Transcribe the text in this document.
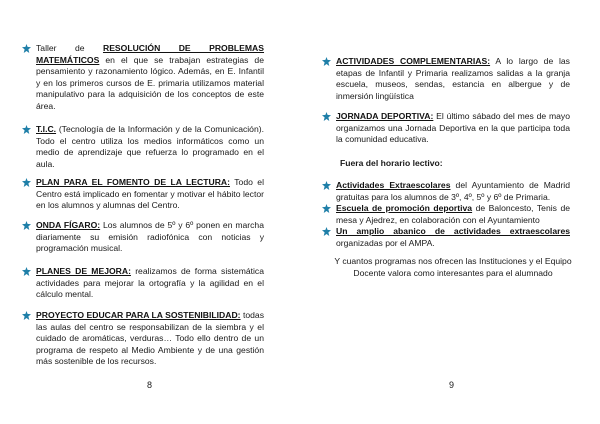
Taller de RESOLUCIÓN DE PROBLEMAS MATEMÁTICOS en el que se trabajan estrategias de pensamiento y razonamiento lógico. Además, en E. Infantil y en los primeros cursos de E. primaria utilizamos material manipulativo para la adquisición de los conceptos de este área.

T.I.C. (Tecnología de la Información y de la Comunicación). Todo el centro utiliza los medios informáticos como un medio de aprendizaje que refuerza lo programado en el aula.

PLAN PARA EL FOMENTO DE LA LECTURA: Todo el Centro está implicado en fomentar y motivar el hábito lector en los alumnos y alumnas del Centro.

ONDA FÍGARO: Los alumnos de 5º y 6º ponen en marcha diariamente su emisión radiofónica con noticias y programación musical.

PLANES DE MEJORA: realizamos de forma sistemática actividades para mejorar la ortografía y la agilidad en el cálculo mental.

PROYECTO EDUCAR PARA LA SOSTENIBILIDAD: todas las aulas del centro se responsabilizan de la siembra y el cuidado de aromáticas, verduras… Todo ello dentro de un programa de respeto al Medio Ambiente y de una gestión más sostenible de los recursos.

8

ACTIVIDADES COMPLEMENTARIAS: A lo largo de las etapas de Infantil y Primaria realizamos salidas a la granja escuela, museos, sendas, estancia en albergue y de inmersión lingüística

JORNADA DEPORTIVA: El último sábado del mes de mayo organizamos una Jornada Deportiva en la que participa toda la comunidad educativa.

Fuera del horario lectivo:

Actividades Extraescolares del Ayuntamiento de Madrid gratuitas para los alumnos de 3º, 4º, 5º y 6º de Primaria.

Escuela de promoción deportiva de Baloncesto, Tenis de mesa y Ajedrez, en colaboración con el Ayuntamiento

Un amplio abanico de actividades extraescolares organizadas por el AMPA.

Y cuantos programas nos ofrecen las Instituciones y el Equipo Docente valora como interesantes para el alumnado
9
